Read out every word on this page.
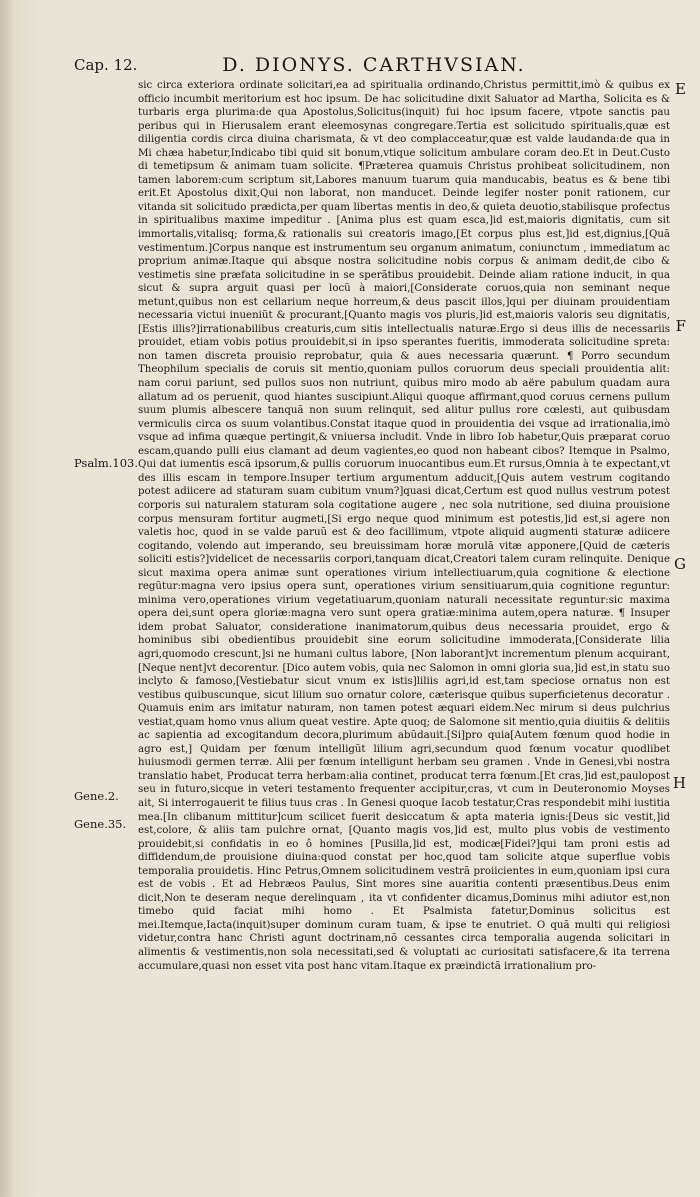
Cap. 12.	D. DIONYS. CARTHVSIAN.
E
F
G
H
Psalm.103.
Gene.2.
Gene.35.

sic circa exteriora ordinate solicitari,ea ad spiritualia ordinando,Christus permittit,imò & quibus ex officio incumbit meritorium est hoc ipsum. De hac solicitudine dixit Saluator ad Martha, Solicita es & turbaris erga plurima:de qua Apostolus,Solicitus(inquit) fui hoc ipsum facere, vtpote sanctis pau peribus qui in Hierusalem erant eleemosynas congregare.Tertia est solicitudo spiritualis,quæ est diligentia cordis circa diuina charismata, & vt deo complacceatur,quæ est valde laudanda:de qua in Mi chæa habetur,Indicabo tibi quid sit bonum,vtique solicitum ambulare coram deo.Et in Deut.Custo di temetipsum & animam tuam solicite. ¶Præterea quamuis Christus prohibeat solicitudinem, non tamen laborem:cum scriptum sit,Labores manuum tuarum quia manducabis, beatus es & bene tibi erit.Et Apostolus dixit,Qui non laborat, non manducet. Deinde legifer noster ponit rationem, cur vitanda sit solicitudo prædicta,per quam libertas mentis in deo,& quieta deuotio,stabilisque profectus in spiritualibus maxime impeditur . [Anima plus est quam esca,]id est,maioris dignitatis, cum sit immortalis,vitalisq; forma,& rationalis sui creatoris imago,[Et corpus plus est,]id est,dignius,[Quã vestimentum.]Corpus nanque est instrumentum seu organum animatum, coniunctum , immediatum ac proprium animæ.Itaque qui absque nostra solicitudine nobis corpus & animam dedit,de cibo & vestimetis sine præfata solicitudine in se sperãtibus prouidebit. Deinde aliam ratione inducit, in qua sicut & supra arguit quasi per locũ à maiori,[Considerate coruos,quia non seminant neque metunt,quibus non est cellarium neque horreum,& deus pascit illos,]qui per diuinam prouidentiam necessaria victui inueniũt & procurant,[Quanto magis vos pluris,]id est,maioris valoris seu dignitatis,[Estis illis?]irrationabilibus creaturis,cum sitis intellectualis naturæ.Ergo si deus illis de necessariis prouidet, etiam vobis potius prouidebit,si in ipso sperantes fueritis, immoderata solicitudine spreta: non tamen discreta prouisio reprobatur, quia & aues necessaria quærunt. ¶ Porro secundum Theophilum specialis de coruis sit mentio,quoniam pullos coruorum deus speciali prouidentia alit: nam corui pariunt, sed pullos suos non nutriunt, quibus miro modo ab aëre pabulum quadam aura allatum ad os peruenit, quod hiantes suscipiunt.Aliqui quoque affirmant,quod coruus cernens pullum suum plumis albescere tanquã non suum relinquit, sed alitur pullus rore cœlesti, aut quibusdam vermiculis circa os suum volantibus.Constat itaque quod in prouidentia dei vsque ad irrationalia,imò vsque ad infima quæque pertingit,& vniuersa includit. Vnde in libro Iob habetur,Quis præparat coruo escam,quando pulli eius clamant ad deum vagientes,eo quod non habeant cibos? Itemque in Psalmo, Qui dat iumentis escã ipsorum,& pullis coruorum inuocantibus eum.Et rursus,Omnia à te expectant,vt des illis escam in tempore.Insuper tertium argumentum adducit,[Quis autem vestrum cogitando potest adiicere ad staturam suam cubitum vnum?]quasi dicat,Certum est quod nullus vestrum potest corporis sui naturalem staturam sola cogitatione augere , nec sola nutritione, sed diuina prouisione corpus mensuram fortitur augmeti,[Si ergo neque quod minimum est potestis,]id est,si agere non valetis hoc, quod in se valde paruũ est & deo facillimum, vtpote aliquid augmenti staturæ adiicere cogitando, volendo aut imperando, seu breuissimam horæ morulã vitæ apponere,[Quid de cæteris soliciti estis?]videlicet de necessariis corpori,tanquam dicat,Creatori talem curam relinquite. Denique sicut maxima opera animæ sunt operationes virium intellectiuarum,quia cognitione & electione regũtur:magna vero ipsius opera sunt, operationes virium sensitiuarum,quia cognitione reguntur: minima vero,operationes virium vegetatiuarum,quoniam naturali necessitate reguntur:sic maxima opera dei,sunt opera gloriæ:magna vero sunt opera gratiæ:minima autem,opera naturæ. ¶ Insuper idem probat Saluator, consideratione inanimatorum,quibus deus necessaria prouidet, ergo & hominibus sibi obedientibus prouidebit sine eorum solicitudine immoderata,[Considerate lilia agri,quomodo crescunt,]si ne humani cultus labore, [Non laborant]vt incrementum plenum acquirant,[Neque nent]vt decorentur. [Dico autem vobis, quia nec Salomon in omni gloria sua,]id est,in statu suo inclyto & famoso,[Vestiebatur sicut vnum ex istis]liliis agri,id est,tam speciose ornatus non est vestibus quibuscunque, sicut lilium suo ornatur colore, cæterisque quibus superficietenus decoratur . Quamuis enim ars imitatur naturam, non tamen potest æquari eidem.Nec mirum si deus pulchrius vestiat,quam homo vnus alium queat vestire. Apte quoq; de Salomone sit mentio,quia diuitiis & delitiis ac sapientia ad excogitandum decora,plurimum abũdauit.[Si]pro quia[Autem fœnum quod hodie in agro est,] Quidam per fœnum intelligũt lilium agri,secundum quod fœnum vocatur quodlibet huiusmodi germen terræ. Alii per fœnum intelligunt herbam seu gramen . Vnde in Genesi,vbi nostra translatio habet, Producat terra herbam:alia continet, producat terra fœnum.[Et cras,]id est,paulopost seu in futuro,sicque in veteri testamento frequenter accipitur,cras, vt cum in Deuteronomio Moyses ait, Si interrogauerit te filius tuus cras . In Genesi quoque Iacob testatur,Cras respondebit mihi iustitia mea.[In clibanum mittitur]cum scilicet fuerit desiccatum & apta materia ignis:[Deus sic vestit,]id est,colore, & aliis tam pulchre ornat, [Quanto magis vos,]id est, multo plus vobis de vestimento prouidebit,si confidatis in eo ô homines [Pusilla,]id est, modicæ[Fidei?]qui tam proni estis ad diffidendum,de prouisione diuina:quod constat per hoc,quod tam solicite atque superflue vobis temporalia prouidetis. Hinc Petrus,Omnem solicitudinem vestrã proiicientes in eum,quoniam ipsi cura est de vobis . Et ad Hebræos Paulus, Sint mores sine auaritia contenti præsentibus.Deus enim dicit,Non te deseram neque derelinquam , ita vt confidenter dicamus,Dominus mihi adiutor est,non timebo quid faciat mihi homo . Et Psalmista fatetur,Dominus solicitus est mei.Itemque,Iacta(inquit)super dominum curam tuam, & ipse te enutriet. O quã multi qui religiosi videtur,contra hanc Christi agunt doctrinam,nõ cessantes circa temporalia augenda solicitari in alimentis & vestimentis,non sola necessitati,sed & voluptati ac curiositati satisfacere,& ita terrena accumulare,quasi non esset vita post hanc vitam.Itaque ex præindictã irrationalium pro-
